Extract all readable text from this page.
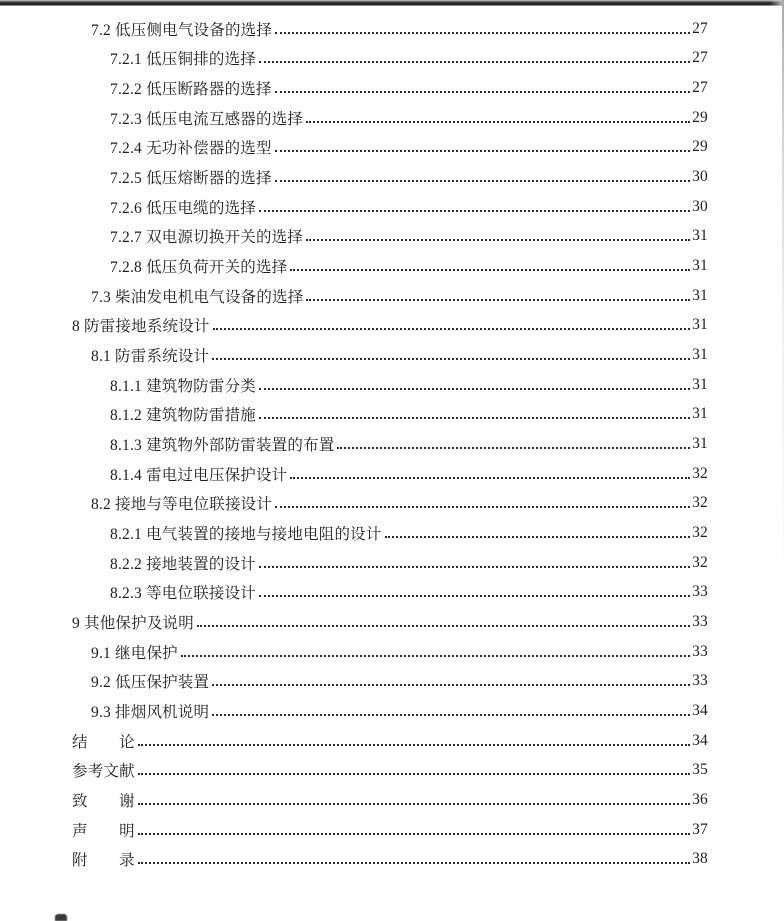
7.2 低压侧电气设备的选择	27
7.2.1 低压铜排的选择	27
7.2.2 低压断路器的选择	27
7.2.3 低压电流互感器的选择	29
7.2.4 无功补偿器的选型	29
7.2.5 低压熔断器的选择	30
7.2.6 低压电缆的选择	30
7.2.7 双电源切换开关的选择	31
7.2.8 低压负荷开关的选择	31
7.3 柴油发电机电气设备的选择	31
8 防雷接地系统设计	31
8.1 防雷系统设计	31
8.1.1 建筑物防雷分类	31
8.1.2 建筑物防雷措施	31
8.1.3 建筑物外部防雷装置的布置	31
8.1.4 雷电过电压保护设计	32
8.2 接地与等电位联接设计	32
8.2.1 电气装置的接地与接地电阻的设计	32
8.2.2 接地装置的设计	32
8.2.3 等电位联接设计	33
9 其他保护及说明	33
9.1 继电保护	33
9.2 低压保护装置	33
9.3 排烟风机说明	34
结　　论	34
参考文献	35
致　　谢	36
声　　明	37
附　　录	38
